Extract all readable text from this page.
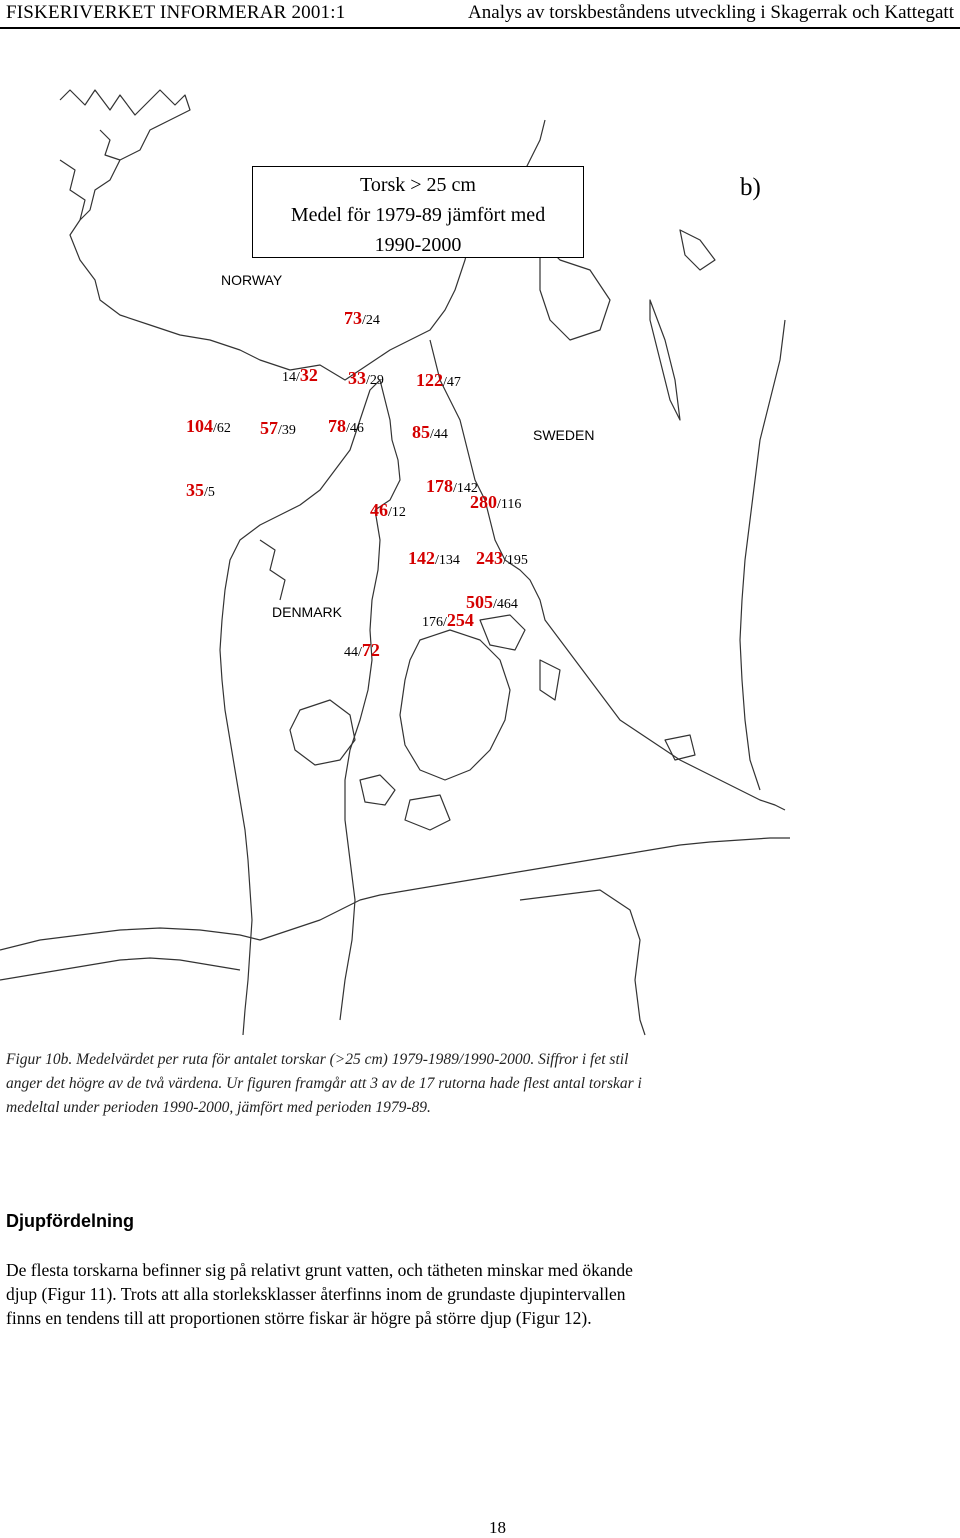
FISKERIVERKET INFORMERAR 2001:1	Analys av torskbeståndens utveckling i Skagerrak och Kattegatt
Torsk > 25 cm
Medel för 1979-89 jämfört med
1990-2000
b)
NORWAY
SWEDEN
DENMARK
73/24
14/32 33/29 122/47
104/62 57/39 78/46	85/44
35/5	178/142
46/12
280/116
142/134 243/195
505/464
176/254
44/72
Figur 10b. Medelvärdet per ruta för antalet torskar (>25 cm) 1979-1989/1990-2000. Siffror i fet stil anger det högre av de två värdena. Ur figuren framgår att 3 av de 17 rutorna hade flest antal torskar i medeltal under perioden 1990-2000, jämfört med perioden 1979-89.
Djupfördelning
De flesta torskarna befinner sig på relativt grunt vatten, och tätheten minskar med ökande djup (Figur 11). Trots att alla storleksklasser återfinns inom de grundaste djupintervallen finns en tendens till att proportionen större fiskar är högre på större djup (Figur 12).
18
